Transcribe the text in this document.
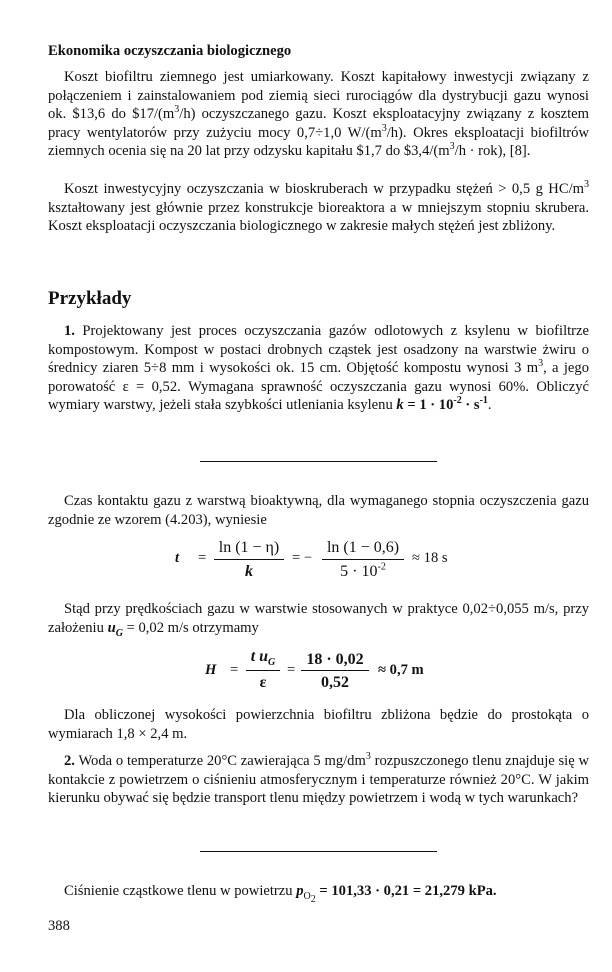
Ekonomika oczyszczania biologicznego

Koszt biofiltru ziemnego jest umiarkowany. Koszt kapitałowy inwestycji związany z połączeniem i zainstalowaniem pod ziemią sieci rurociągów dla dystrybucji gazu wynosi ok. $13,6 do $\$17/(m^3/h)$ oczyszczanego gazu. Koszt eksploatacyjny związany z kosztem pracy wentylatorów przy zużyciu mocy 0,7÷1,0 $W/(m^3/h)$. Okres eksploatacji biofiltrów ziemnych ocenia się na 20 lat przy odzysku kapitału $1,7 do $\$3,4/(m^3/h \cdot rok)$, [8].

Koszt inwestycyjny oczyszczania w bioskruberach w przypadku stężeń > 0,5 g $HC/m^3$ kształtowany jest głównie przez konstrukcje bioreaktora a w mniejszym stopniu skrubera. Koszt eksploatacji oczyszczania biologicznego w zakresie małych stężeń jest zbliżony.

Przykłady

1. Projektowany jest proces oczyszczania gazów odlotowych z ksylenu w biofiltrze kompostowym. Kompost w postaci drobnych cząstek jest osadzony na warstwie żwiru o średnicy ziaren 5÷8 mm i wysokości ok. 15 cm. Objętość kompostu wynosi 3 $m^3$, a jego porowatość ε = 0,52. Wymagana sprawność oczyszczania gazu wynosi 60%. Obliczyć wymiary warstwy, jeżeli stała szybkości utleniania ksylenu $k = 1 \cdot 10^{-2} \cdot s^{-1}$.

Czas kontaktu gazu z warstwą bioaktywną, dla wymaganego stopnia oczyszczenia gazu zgodnie ze wzorem (4.203), wyniesie

t =
ln (1 − η)
k
= −
ln (1 − 0,6)
$5 \cdot 10^{-2}$
≈ 18 s

Stąd przy prędkościach gazu w warstwie stosowanych w praktyce 0,02÷0,055 m/s, przy założeniu $u_G = 0,02$ m/s otrzymamy

H =
t $u_G$
ε
=
18 · 0,02
0,52
≈ 0,7 m

Dla obliczonej wysokości powierzchnia biofiltru zbliżona będzie do prostokąta o wymiarach 1,8 × 2,4 m.

2. Woda o temperaturze 20°C zawierająca 5 $mg/dm^3$ rozpuszczonego tlenu znajduje się w kontakcie z powietrzem o ciśnieniu atmosferycznym i temperaturze również 20°C. W jakim kierunku obywać się będzie transport tlenu między powietrzem i wodą w tych warunkach?

Ciśnienie cząstkowe tlenu w powietrzu $p_{O_2} = 101,33 \cdot 0,21 = 21,279$ kPa.

388
